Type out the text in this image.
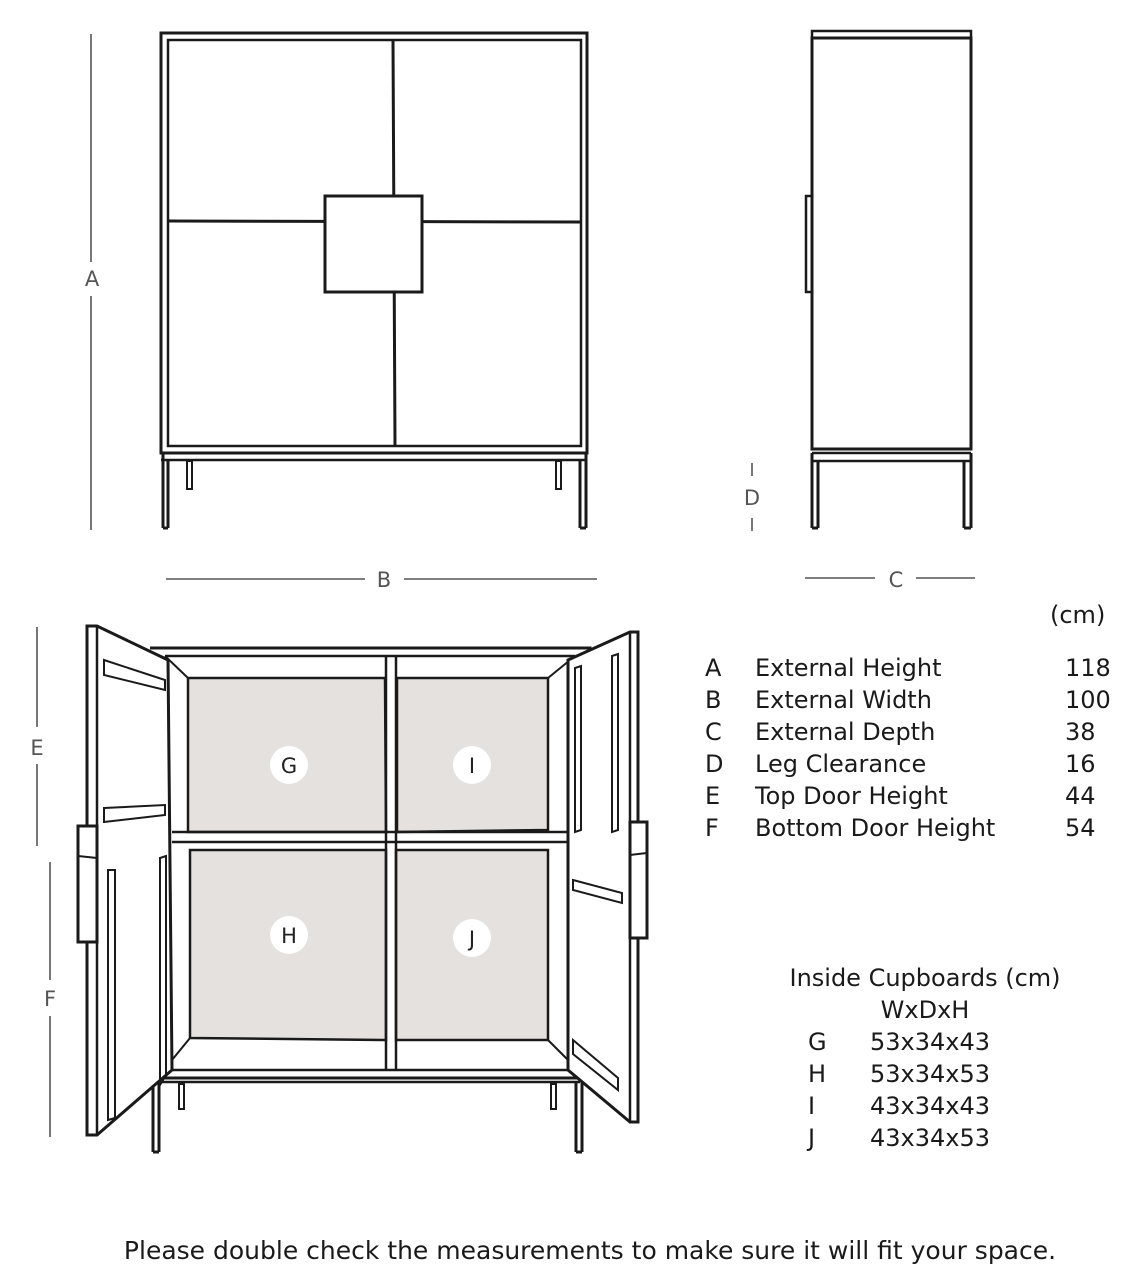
A
B	C
D
E
F
G	I
H	J
(cm)
A External Height	118
B External Width	100
C External Depth	38
D Leg Clearance	16
E Top Door Height	44
F Bottom Door Height	54
Inside Cupboards (cm)
WxDxH
G 53x34x43
H 53x34x53
I 43x34x43
J 43x34x53
Please double check the measurements to make sure it will fit your space.
